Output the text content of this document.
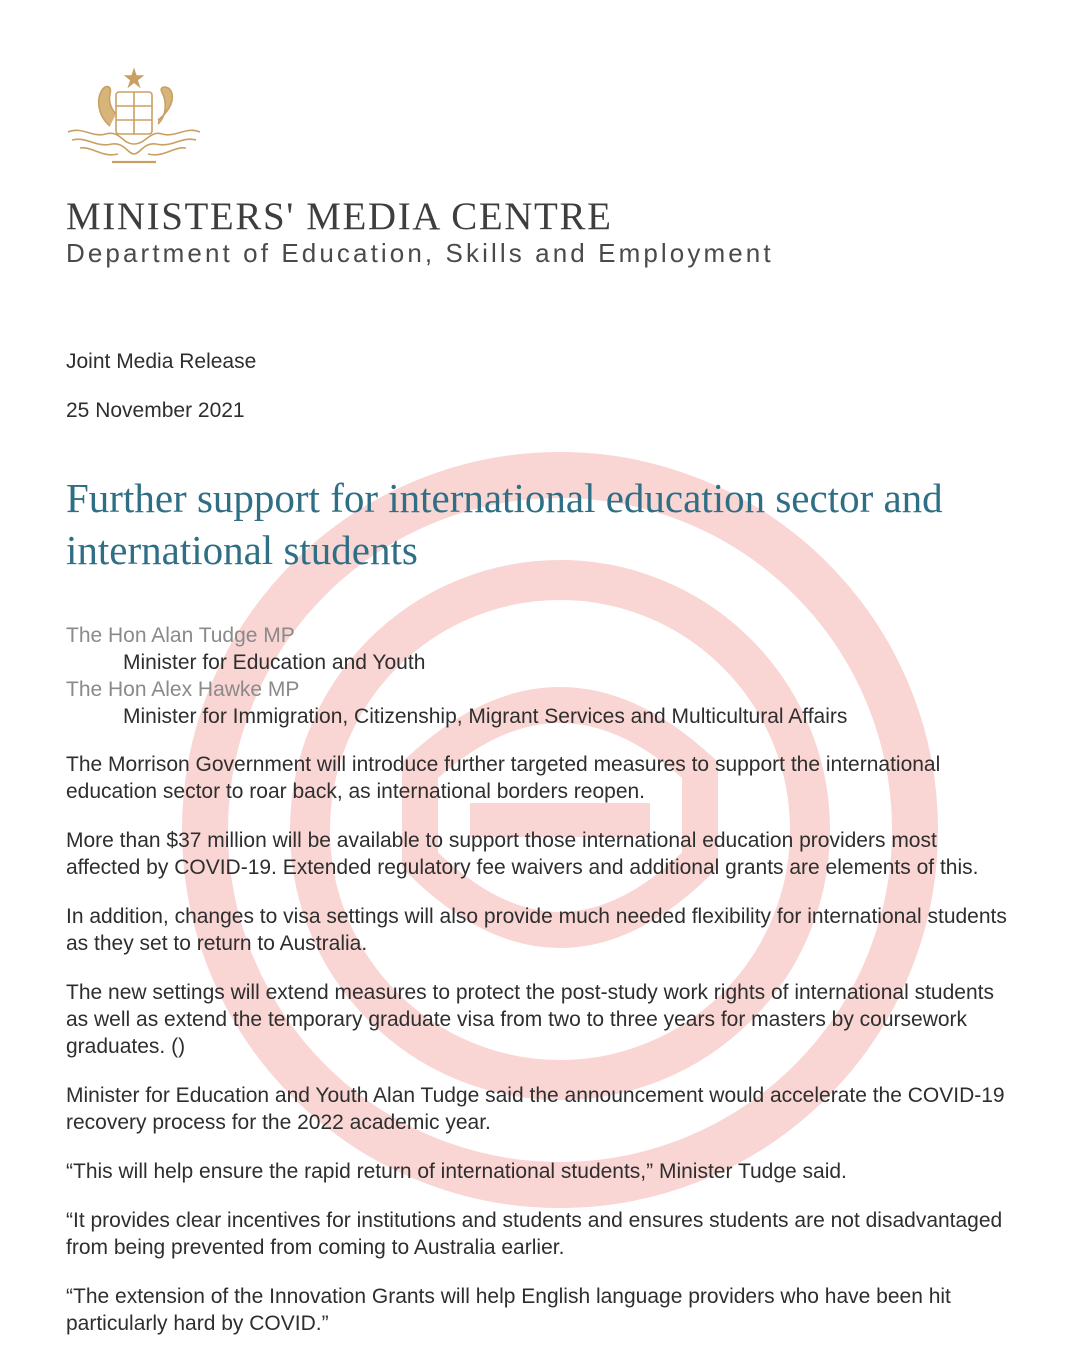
MINISTERS' MEDIA CENTRE
Department of Education, Skills and Employment
Joint Media Release
25 November 2021
Further support for international education sector and international students
The Hon Alan Tudge MP
Minister for Education and Youth
The Hon Alex Hawke MP
Minister for Immigration, Citizenship, Migrant Services and Multicultural Affairs

The Morrison Government will introduce further targeted measures to support the international education sector to roar back, as international borders reopen.

More than $37 million will be available to support those international education providers most affected by COVID-19. Extended regulatory fee waivers and additional grants are elements of this.

In addition, changes to visa settings will also provide much needed flexibility for international students as they set to return to Australia.

The new settings will extend measures to protect the post-study work rights of international students as well as extend the temporary graduate visa from two to three years for masters by coursework graduates. ()

Minister for Education and Youth Alan Tudge said the announcement would accelerate the COVID-19 recovery process for the 2022 academic year.

“This will help ensure the rapid return of international students,” Minister Tudge said.

“It provides clear incentives for institutions and students and ensures students are not disadvantaged from being prevented from coming to Australia earlier.

“The extension of the Innovation Grants will help English language providers who have been hit particularly hard by COVID.”
